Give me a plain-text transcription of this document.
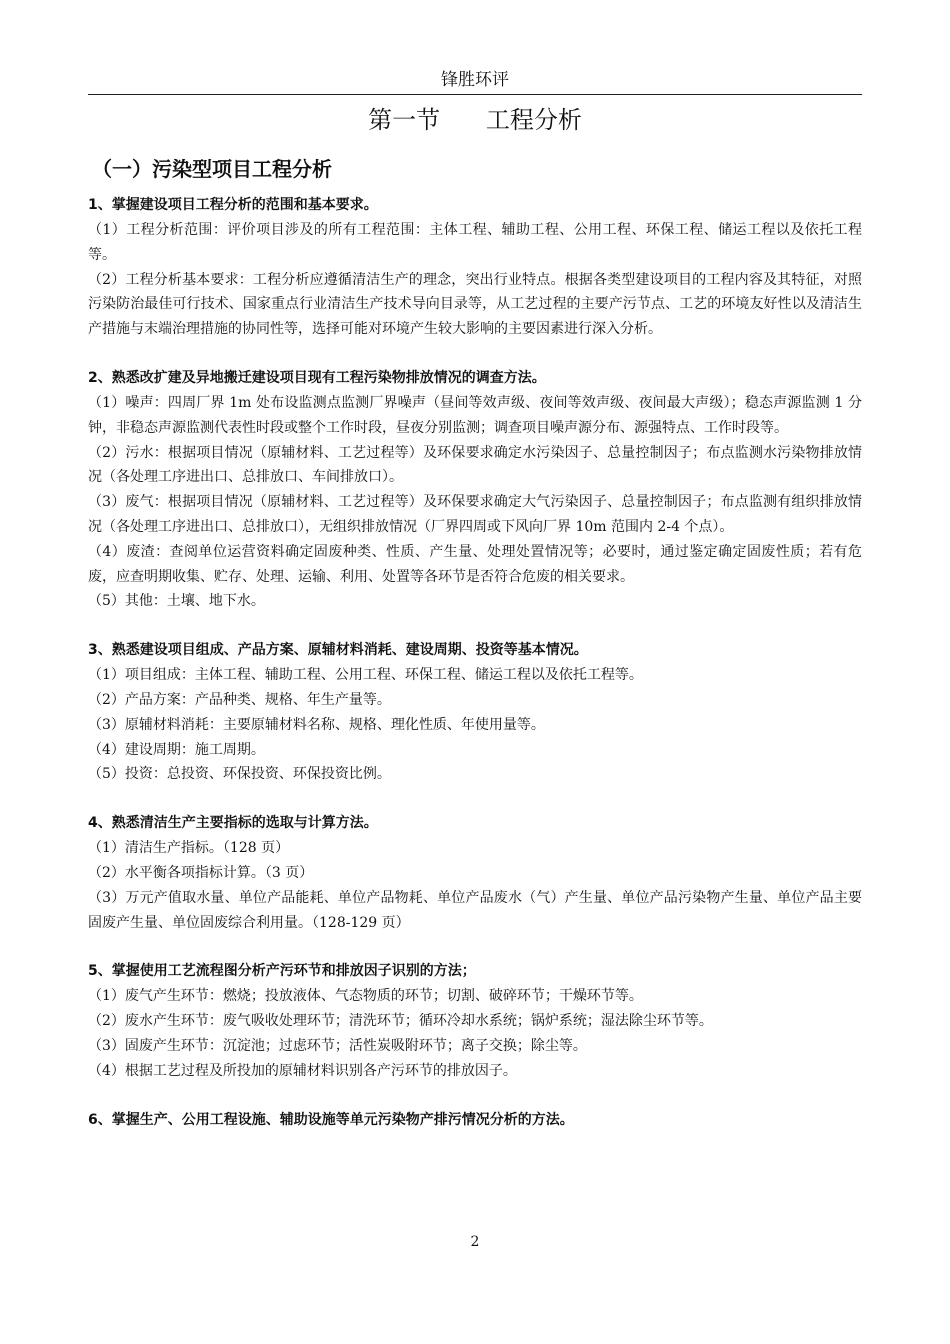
锋胜环评
第一节      工程分析
（一）污染型项目工程分析
1、掌握建设项目工程分析的范围和基本要求。

（1）工程分析范围：评价项目涉及的所有工程范围：主体工程、辅助工程、公用工程、环保工程、储运工程以及依托工程等。

（2）工程分析基本要求：工程分析应遵循清洁生产的理念，突出行业特点。根据各类型建设项目的工程内容及其特征，对照污染防治最佳可行技术、国家重点行业清洁生产技术导向目录等，从工艺过程的主要产污节点、工艺的环境友好性以及清洁生产措施与末端治理措施的协同性等，选择可能对环境产生较大影响的主要因素进行深入分析。

2、熟悉改扩建及异地搬迁建设项目现有工程污染物排放情况的调查方法。

（1）噪声：四周厂界 1m 处布设监测点监测厂界噪声（昼间等效声级、夜间等效声级、夜间最大声级）；稳态声源监测 1 分钟，非稳态声源监测代表性时段或整个工作时段，昼夜分别监测；调查项目噪声源分布、源强特点、工作时段等。

（2）污水：根据项目情况（原辅材料、工艺过程等）及环保要求确定水污染因子、总量控制因子；布点监测水污染物排放情况（各处理工序进出口、总排放口、车间排放口）。

（3）废气：根据项目情况（原辅材料、工艺过程等）及环保要求确定大气污染因子、总量控制因子；布点监测有组织排放情况（各处理工序进出口、总排放口），无组织排放情况（厂界四周或下风向厂界 10m 范围内 2-4 个点）。

（4）废渣：查阅单位运营资料确定固废种类、性质、产生量、处理处置情况等；必要时，通过鉴定确定固废性质；若有危废，应查明期收集、贮存、处理、运输、利用、处置等各环节是否符合危废的相关要求。

（5）其他：土壤、地下水。

3、熟悉建设项目组成、产品方案、原辅材料消耗、建设周期、投资等基本情况。

（1）项目组成：主体工程、辅助工程、公用工程、环保工程、储运工程以及依托工程等。

（2）产品方案：产品种类、规格、年生产量等。

（3）原辅材料消耗：主要原辅材料名称、规格、理化性质、年使用量等。

（4）建设周期：施工周期。

（5）投资：总投资、环保投资、环保投资比例。

4、熟悉清洁生产主要指标的选取与计算方法。

（1）清洁生产指标。（128 页）

（2）水平衡各项指标计算。（3 页）

（3）万元产值取水量、单位产品能耗、单位产品物耗、单位产品废水（气）产生量、单位产品污染物产生量、单位产品主要固废产生量、单位固废综合利用量。（128-129 页）

5、掌握使用工艺流程图分析产污环节和排放因子识别的方法；

（1）废气产生环节：燃烧；投放液体、气态物质的环节；切割、破碎环节；干燥环节等。

（2）废水产生环节：废气吸收处理环节；清洗环节；循环冷却水系统；锅炉系统；湿法除尘环节等。

（3）固废产生环节：沉淀池；过虑环节；活性炭吸附环节；离子交换；除尘等。

（4）根据工艺过程及所投加的原辅材料识别各产污环节的排放因子。

6、掌握生产、公用工程设施、辅助设施等单元污染物产排污情况分析的方法。
2
